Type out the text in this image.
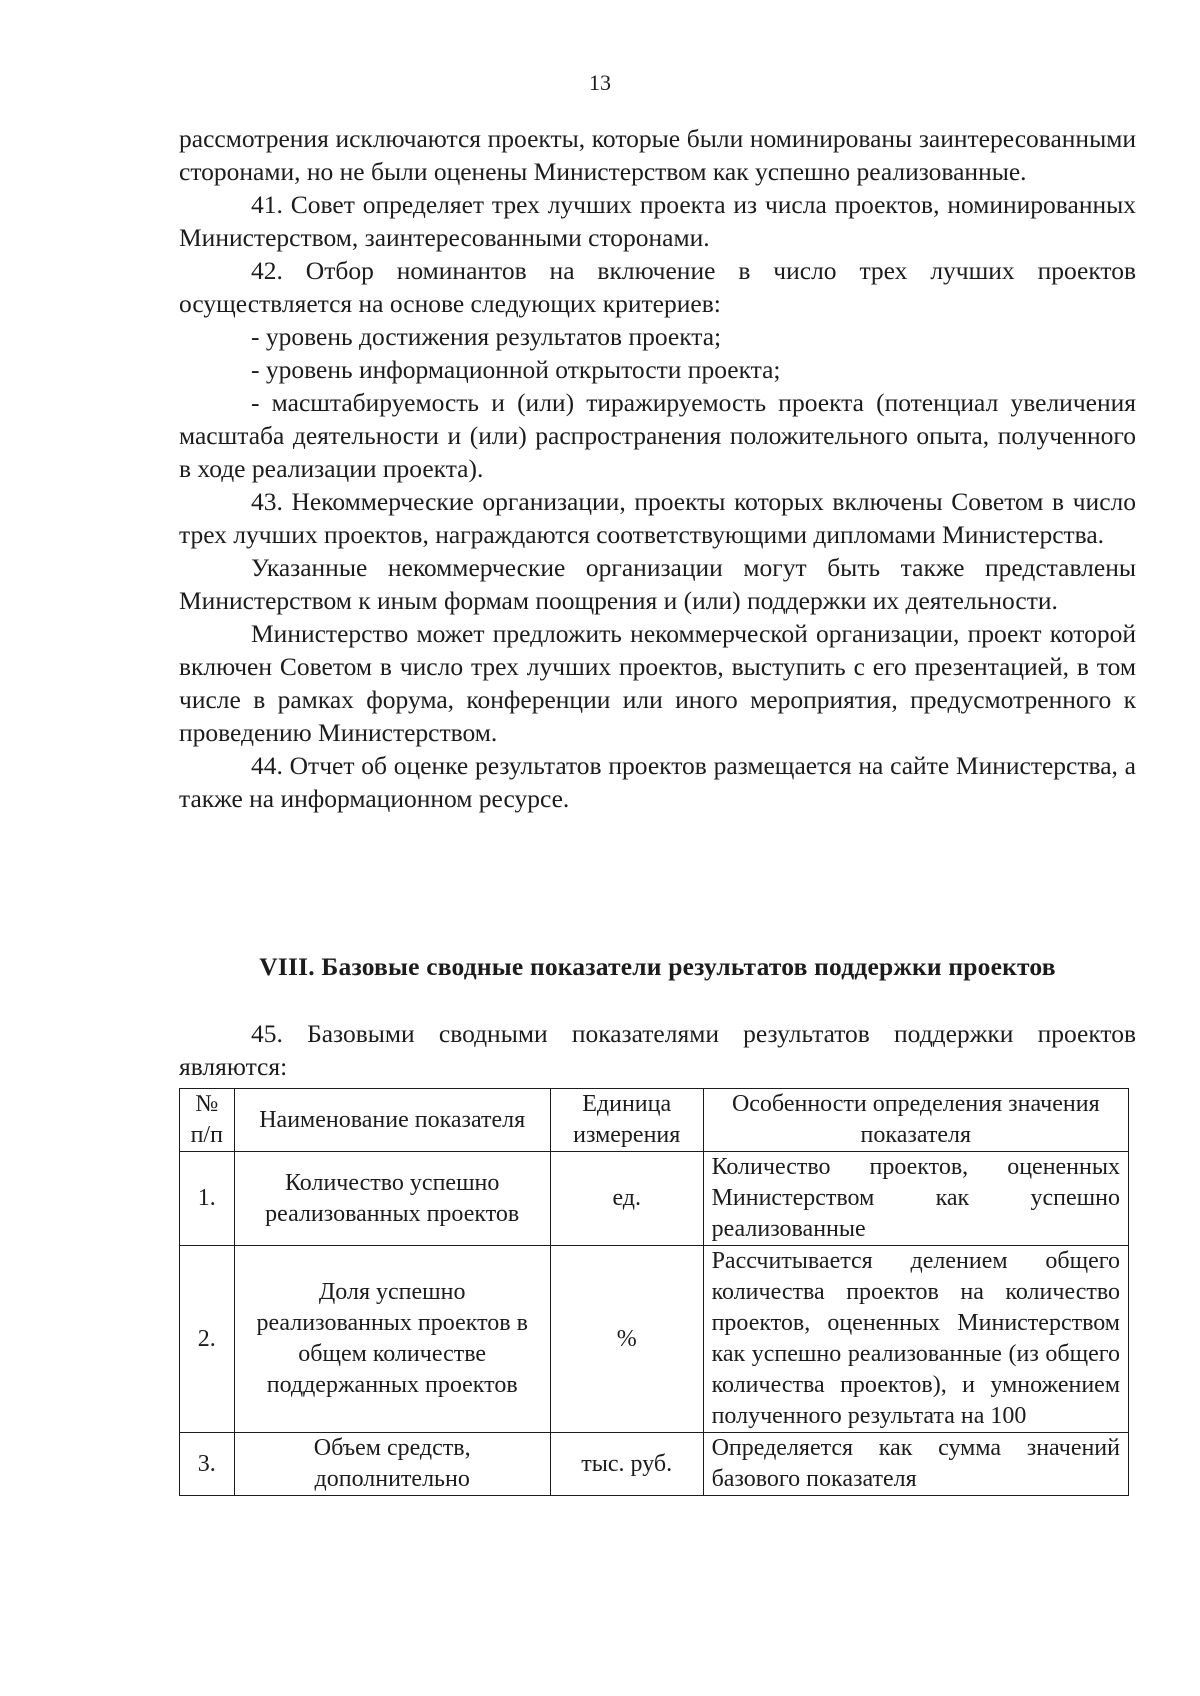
13

рассмотрения исключаются проекты, которые были номинированы заинтересованными сторонами, но не были оценены Министерством как успешно реализованные.

41. Совет определяет трех лучших проекта из числа проектов, номинированных Министерством, заинтересованными сторонами.

42. Отбор номинантов на включение в число трех лучших проектов осуществляется на основе следующих критериев:

- уровень достижения результатов проекта;

- уровень информационной открытости проекта;

- масштабируемость и (или) тиражируемость проекта (потенциал увеличения масштаба деятельности и (или) распространения положительного опыта, полученного в ходе реализации проекта).

43. Некоммерческие организации, проекты которых включены Советом в число трех лучших проектов, награждаются соответствующими дипломами Министерства.

Указанные некоммерческие организации могут быть также представлены Министерством к иным формам поощрения и (или) поддержки их деятельности.

Министерство может предложить некоммерческой организации, проект которой включен Советом в число трех лучших проектов, выступить с его презентацией, в том числе в рамках форума, конференции или иного мероприятия, предусмотренного к проведению Министерством.

44. Отчет об оценке результатов проектов размещается на сайте Министерства, а также на информационном ресурсе.

VIII. Базовые сводные показатели результатов поддержки проектов

45. Базовыми сводными показателями результатов поддержки проектов являются:

№ п/п	Наименование показателя	Единица измерения	Особенности определения значения показателя
1.	Количество успешно реализованных проектов	ед.	Количество проектов, оцененных Министерством как успешно реализованные
2.	Доля успешно реализованных проектов в общем количестве поддержанных проектов	%	Рассчитывается делением общего количества проектов на количество проектов, оцененных Министерством как успешно реализованные (из общего количества проектов), и умножением полученного результата на 100
3.	Объем средств, дополнительно	тыс. руб.	Определяется как сумма значений базового показателя
